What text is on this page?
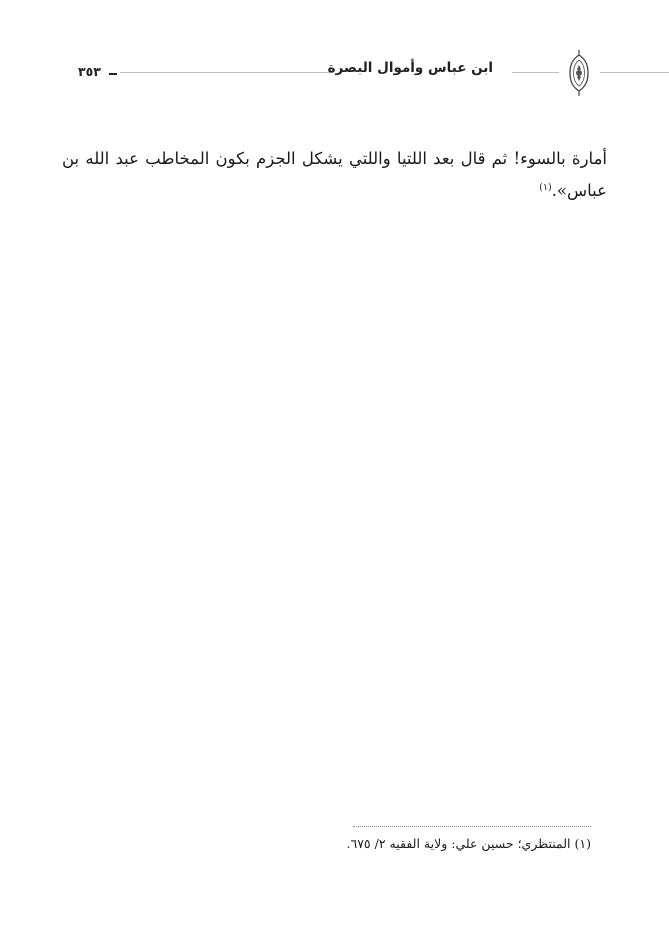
٣٥٣	ابن عباس وأموال البصرة

أمارة بالسوء! ثم قال بعد اللتيا واللتي يشكل الجزم بكون المخاطب عبد الله بن عباس».$^{(١)}$

(١) المنتظري؛ حسين علي: ولاية الفقيه ٢/ ٦٧٥.
